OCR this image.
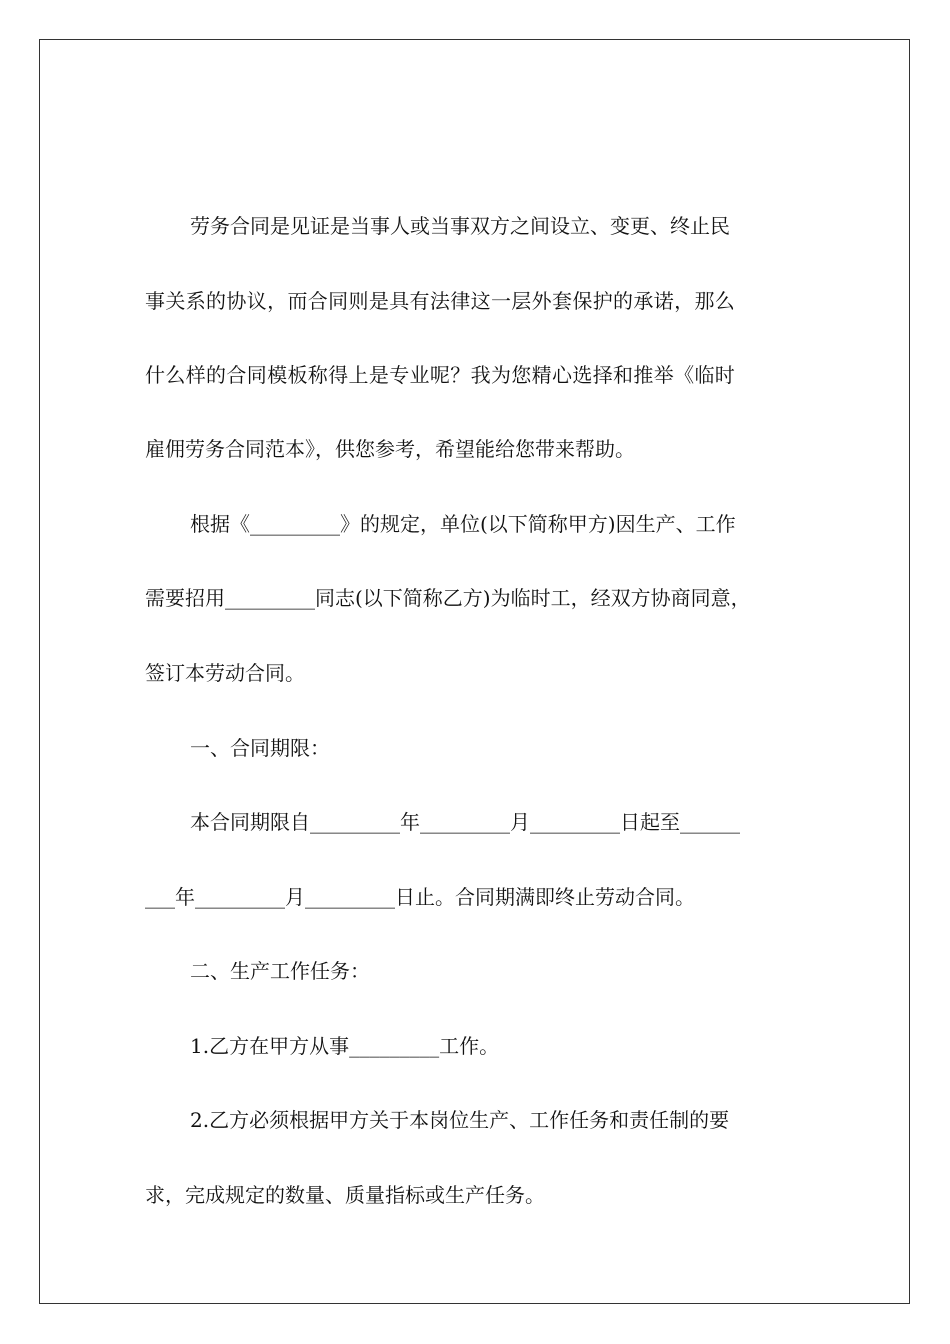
劳务合同是见证是当事人或当事双方之间设立、变更、终止民

事关系的协议，而合同则是具有法律这一层外套保护的承诺，那么

什么样的合同模板称得上是专业呢？我为您精心选择和推举《临时

雇佣劳务合同范本》，供您参考，希望能给您带来帮助。

根据《_________》的规定，单位(以下简称甲方)因生产、工作

需要招用_________同志(以下简称乙方)为临时工，经双方协商同意，

签订本劳动合同。

一、合同期限：

本合同期限自_________年_________月_________日起至______

___年_________月_________日止。合同期满即终止劳动合同。

二、生产工作任务：

1.乙方在甲方从事_________工作。

2.乙方必须根据甲方关于本岗位生产、工作任务和责任制的要

求，完成规定的数量、质量指标或生产任务。
